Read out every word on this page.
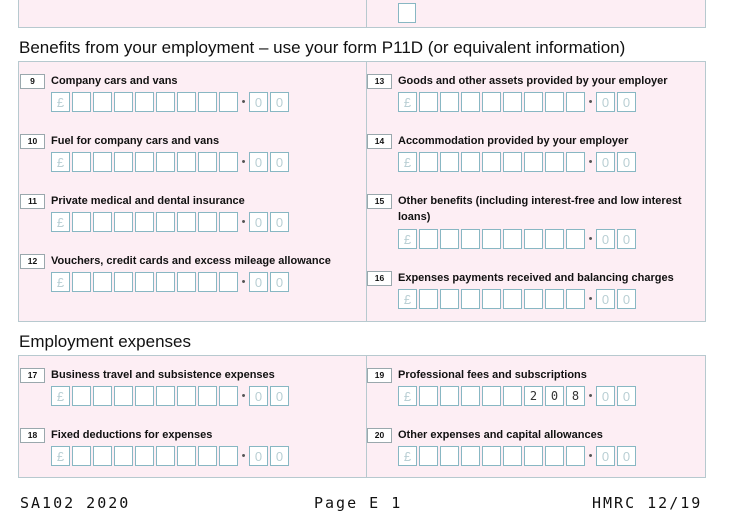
Benefits from your employment – use your form P11D (or equivalent information)
Employment expenses
9	Company cars and vans
£	• 0	0
10	Fuel for company cars and vans
£	• 0	0
11	Private medical and dental insurance
£	• 0	0
12	Vouchers, credit cards and excess mileage allowance
£	• 0	0
13	Goods and other assets provided by your employer
£	• 0	0
14	Accommodation provided by your employer
£	• 0	0
15	Other benefits (including interest-free and low interest loans)
£	• 0	0
16	Expenses payments received and balancing charges
£	• 0	0
17	Business travel and subsistence expenses
£	• 0	0
18	Fixed deductions for expenses
£	• 0	0
19	Professional fees and subscriptions
£	2	0	8 • 0	0
20	Other expenses and capital allowances
£	• 0	0
SA102 2020	Page E 1	HMRC 12/19
